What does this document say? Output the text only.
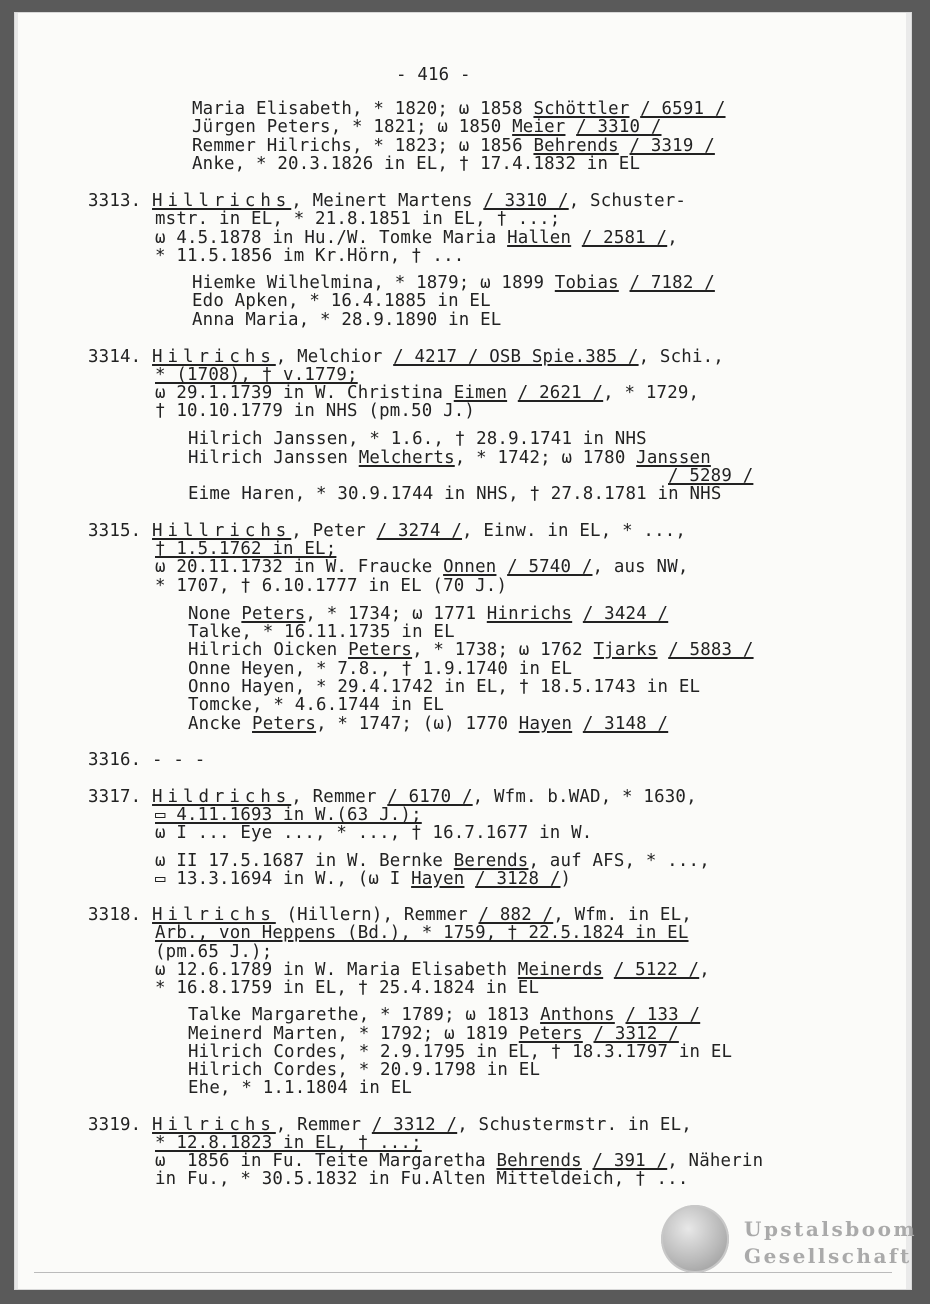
- 416 -
Maria Elisabeth, * 1820; ω 1858 Schöttler / 6591 /
Jürgen Peters, * 1821; ω 1850 Meier / 3310 /
Remmer Hilrichs, * 1823; ω 1856 Behrends / 3319 /
Anke, * 20.3.1826 in EL, † 17.4.1832 in EL
3313. Hillrichs, Meinert Martens / 3310 /, Schuster-
mstr. in EL, * 21.8.1851 in EL, † ...;
ω 4.5.1878 in Hu./W. Tomke Maria Hallen / 2581 /,
* 11.5.1856 im Kr.Hörn, † ...
Hiemke Wilhelmina, * 1879; ω 1899 Tobias / 7182 /
Edo Apken, * 16.4.1885 in EL
Anna Maria, * 28.9.1890 in EL
3314. Hilrichs, Melchior / 4217 / OSB Spie.385 /, Schi.,
* (1708), † v.1779;
ω 29.1.1739 in W. Christina Eimen / 2621 /, * 1729,
† 10.10.1779 in NHS (pm.50 J.)
Hilrich Janssen, * 1.6., † 28.9.1741 in NHS
Hilrich Janssen Melcherts, * 1742; ω 1780 Janssen
/ 5289 /
Eime Haren, * 30.9.1744 in NHS, † 27.8.1781 in NHS
3315. Hillrichs, Peter / 3274 /, Einw. in EL, * ...,
† 1.5.1762 in EL;
ω 20.11.1732 in W. Fraucke Onnen / 5740 /, aus NW,
* 1707, † 6.10.1777 in EL (70 J.)
None Peters, * 1734; ω 1771 Hinrichs / 3424 /
Talke, * 16.11.1735 in EL
Hilrich Oicken Peters, * 1738; ω 1762 Tjarks / 5883 /
Onne Heyen, * 7.8., † 1.9.1740 in EL
Onno Hayen, * 29.4.1742 in EL, † 18.5.1743 in EL
Tomcke, * 4.6.1744 in EL
Ancke Peters, * 1747; (ω) 1770 Hayen / 3148 /
3316. - - -
3317. Hildrichs, Remmer / 6170 /, Wfm. b.WAD, * 1630,
▭ 4.11.1693 in W.(63 J.);
ω I ... Eye ..., * ..., † 16.7.1677 in W.
ω II 17.5.1687 in W. Bernke Berends, auf AFS, * ...,
▭ 13.3.1694 in W., (ω I Hayen / 3128 /)
3318. Hilrichs (Hillern), Remmer / 882 /, Wfm. in EL,
Arb., von Heppens (Bd.), * 1759, † 22.5.1824 in EL
(pm.65 J.);
ω 12.6.1789 in W. Maria Elisabeth Meinerds / 5122 /,
* 16.8.1759 in EL, † 25.4.1824 in EL
Talke Margarethe, * 1789; ω 1813 Anthons / 133 /
Meinerd Marten, * 1792; ω 1819 Peters / 3312 /
Hilrich Cordes, * 2.9.1795 in EL, † 18.3.1797 in EL
Hilrich Cordes, * 20.9.1798 in EL
Ehe, * 1.1.1804 in EL
3319. Hilrichs, Remmer / 3312 /, Schustermstr. in EL,
* 12.8.1823 in EL, † ...;
ω  1856 in Fu. Teite Margaretha Behrends / 391 /, Näherin
in Fu., * 30.5.1832 in Fu.Alten Mitteldeich, † ...
Upstalsboom
Gesellschaft
